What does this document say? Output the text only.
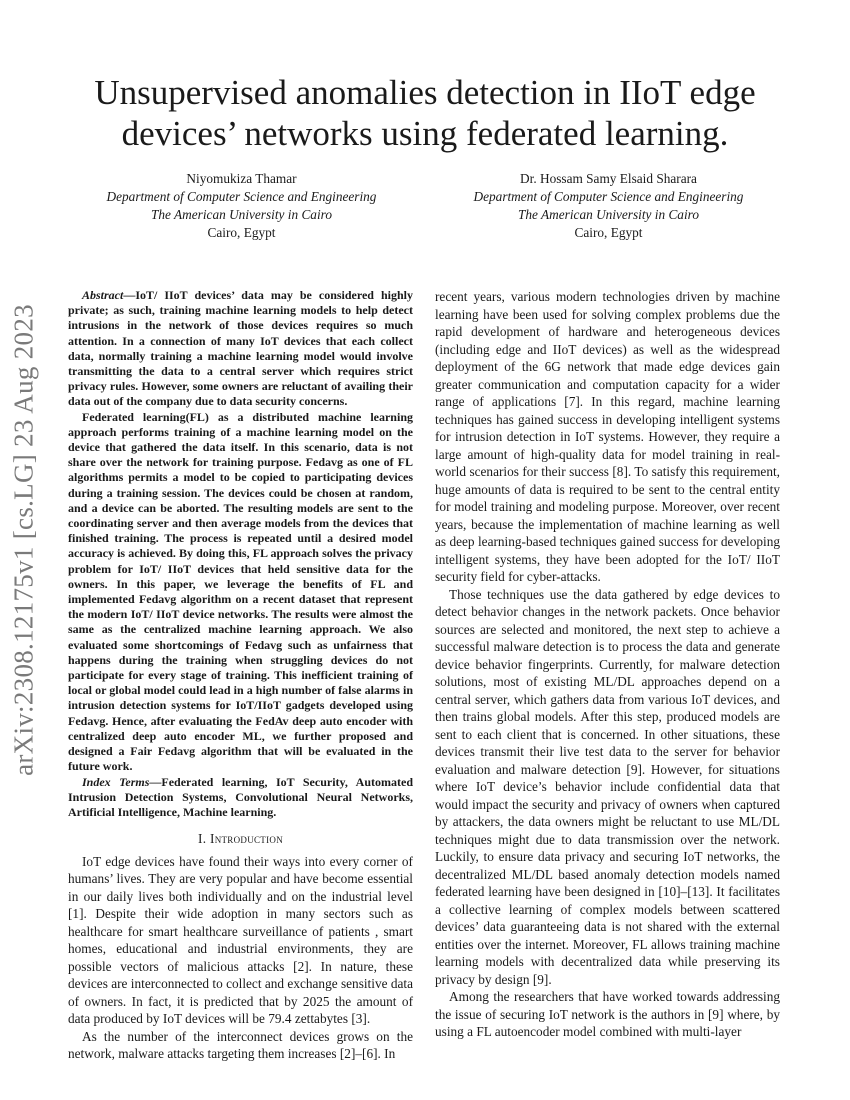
arXiv:2308.12175v1 [cs.LG] 23 Aug 2023
Unsupervised anomalies detection in IIoT edge devices’ networks using federated learning.
Niyomukiza Thamar
Department of Computer Science and Engineering
The American University in Cairo
Cairo, Egypt
Dr. Hossam Samy Elsaid Sharara
Department of Computer Science and Engineering
The American University in Cairo
Cairo, Egypt

Abstract—IoT/ IIoT devices’ data may be considered highly private; as such, training machine learning models to help detect intrusions in the network of those devices requires so much attention. In a connection of many IoT devices that each collect data, normally training a machine learning model would involve transmitting the data to a central server which requires strict privacy rules. However, some owners are reluctant of availing their data out of the company due to data security concerns.

Federated learning(FL) as a distributed machine learning approach performs training of a machine learning model on the device that gathered the data itself. In this scenario, data is not share over the network for training purpose. Fedavg as one of FL algorithms permits a model to be copied to participating devices during a training session. The devices could be chosen at random, and a device can be aborted. The resulting models are sent to the coordinating server and then average models from the devices that finished training. The process is repeated until a desired model accuracy is achieved. By doing this, FL approach solves the privacy problem for IoT/ IIoT devices that held sensitive data for the owners. In this paper, we leverage the benefits of FL and implemented Fedavg algorithm on a recent dataset that represent the modern IoT/ IIoT device networks. The results were almost the same as the centralized machine learning approach. We also evaluated some shortcomings of Fedavg such as unfairness that happens during the training when struggling devices do not participate for every stage of training. This inefficient training of local or global model could lead in a high number of false alarms in intrusion detection systems for IoT/IIoT gadgets developed using Fedavg. Hence, after evaluating the FedAv deep auto encoder with centralized deep auto encoder ML, we further proposed and designed a Fair Fedavg algorithm that will be evaluated in the future work.

Index Terms—Federated learning, IoT Security, Automated Intrusion Detection Systems, Convolutional Neural Networks, Artificial Intelligence, Machine learning.

I. Introduction

IoT edge devices have found their ways into every corner of humans’ lives. They are very popular and have become essential in our daily lives both individually and on the industrial level [1]. Despite their wide adoption in many sectors such as healthcare for smart healthcare surveillance of patients , smart homes, educational and industrial environments, they are possible vectors of malicious attacks [2]. In nature, these devices are interconnected to collect and exchange sensitive data of owners. In fact, it is predicted that by 2025 the amount of data produced by IoT devices will be 79.4 zettabytes [3].

As the number of the interconnect devices grows on the network, malware attacks targeting them increases [2]–[6]. In

recent years, various modern technologies driven by machine learning have been used for solving complex problems due the rapid development of hardware and heterogeneous devices (including edge and IIoT devices) as well as the widespread deployment of the 6G network that made edge devices gain greater communication and computation capacity for a wider range of applications [7]. In this regard, machine learning techniques has gained success in developing intelligent systems for intrusion detection in IoT systems. However, they require a large amount of high-quality data for model training in real-world scenarios for their success [8]. To satisfy this requirement, huge amounts of data is required to be sent to the central entity for model training and modeling purpose. Moreover, over recent years, because the implementation of machine learning as well as deep learning-based techniques gained success for developing intelligent systems, they have been adopted for the IoT/ IIoT security field for cyber-attacks.

Those techniques use the data gathered by edge devices to detect behavior changes in the network packets. Once behavior sources are selected and monitored, the next step to achieve a successful malware detection is to process the data and generate device behavior fingerprints. Currently, for malware detection solutions, most of existing ML/DL approaches depend on a central server, which gathers data from various IoT devices, and then trains global models. After this step, produced models are sent to each client that is concerned. In other situations, these devices transmit their live test data to the server for behavior evaluation and malware detection [9]. However, for situations where IoT device’s behavior include confidential data that would impact the security and privacy of owners when captured by attackers, the data owners might be reluctant to use ML/DL techniques might due to data transmission over the network. Luckily, to ensure data privacy and securing IoT networks, the decentralized ML/DL based anomaly detection models named federated learning have been designed in [10]–[13]. It facilitates a collective learning of complex models between scattered devices’ data guaranteeing data is not shared with the external entities over the internet. Moreover, FL allows training machine learning models with decentralized data while preserving its privacy by design [9].

Among the researchers that have worked towards addressing the issue of securing IoT network is the authors in [9] where, by using a FL autoencoder model combined with multi-layer
